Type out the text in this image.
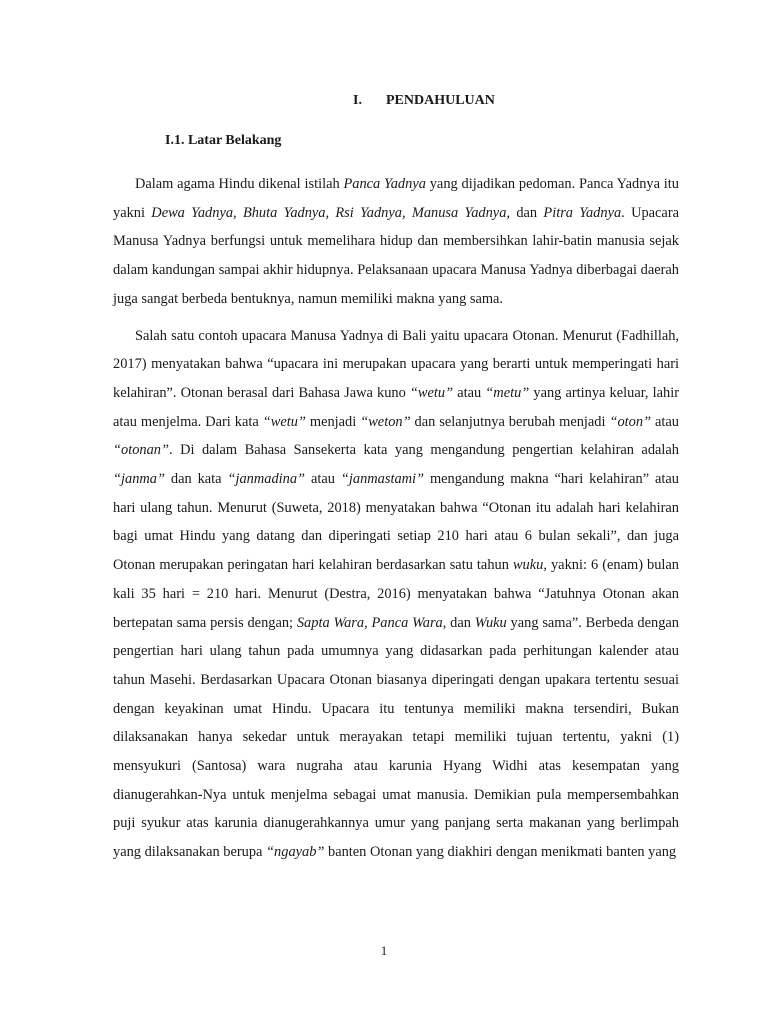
I. PENDAHULUAN
I.1. Latar Belakang

Dalam agama Hindu dikenal istilah Panca Yadnya yang dijadikan pedoman. Panca Yadnya itu yakni Dewa Yadnya, Bhuta Yadnya, Rsi Yadnya, Manusa Yadnya, dan Pitra Yadnya. Upacara Manusa Yadnya berfungsi untuk memelihara hidup dan membersihkan lahir-batin manusia sejak dalam kandungan sampai akhir hidupnya. Pelaksanaan upacara Manusa Yadnya diberbagai daerah juga sangat berbeda bentuknya, namun memiliki makna yang sama.

Salah satu contoh upacara Manusa Yadnya di Bali yaitu upacara Otonan. Menurut (Fadhillah, 2017) menyatakan bahwa “upacara ini merupakan upacara yang berarti untuk memperingati hari kelahiran”. Otonan berasal dari Bahasa Jawa kuno “wetu” atau “metu” yang artinya keluar, lahir atau menjelma. Dari kata “wetu” menjadi “weton” dan selanjutnya berubah menjadi “oton” atau “otonan”. Di dalam Bahasa Sansekerta kata yang mengandung pengertian kelahiran adalah “janma” dan kata “janmadina” atau “janmastami” mengandung makna “hari kelahiran” atau hari ulang tahun. Menurut (Suweta, 2018) menyatakan bahwa “Otonan itu adalah hari kelahiran bagi umat Hindu yang datang dan diperingati setiap 210 hari atau 6 bulan sekali”, dan juga Otonan merupakan peringatan hari kelahiran berdasarkan satu tahun wuku, yakni: 6 (enam) bulan kali 35 hari = 210 hari. Menurut (Destra, 2016) menyatakan bahwa “Jatuhnya Otonan akan bertepatan sama persis dengan; Sapta Wara, Panca Wara, dan Wuku yang sama”. Berbeda dengan pengertian hari ulang tahun pada umumnya yang didasarkan pada perhitungan kalender atau tahun Masehi. Berdasarkan Upacara Otonan biasanya diperingati dengan upakara tertentu sesuai dengan keyakinan umat Hindu. Upacara itu tentunya memiliki makna tersendiri, Bukan dilaksanakan hanya sekedar untuk merayakan tetapi memiliki tujuan tertentu, yakni (1) mensyukuri (Santosa) wara nugraha atau karunia Hyang Widhi atas kesempatan yang dianugerahkan-Nya untuk menjelma sebagai umat manusia. Demikian pula mempersembahkan puji syukur atas karunia dianugerahkannya umur yang panjang serta makanan yang berlimpah yang dilaksanakan berupa “ngayab” banten Otonan yang diakhiri dengan menikmati banten yang

1
